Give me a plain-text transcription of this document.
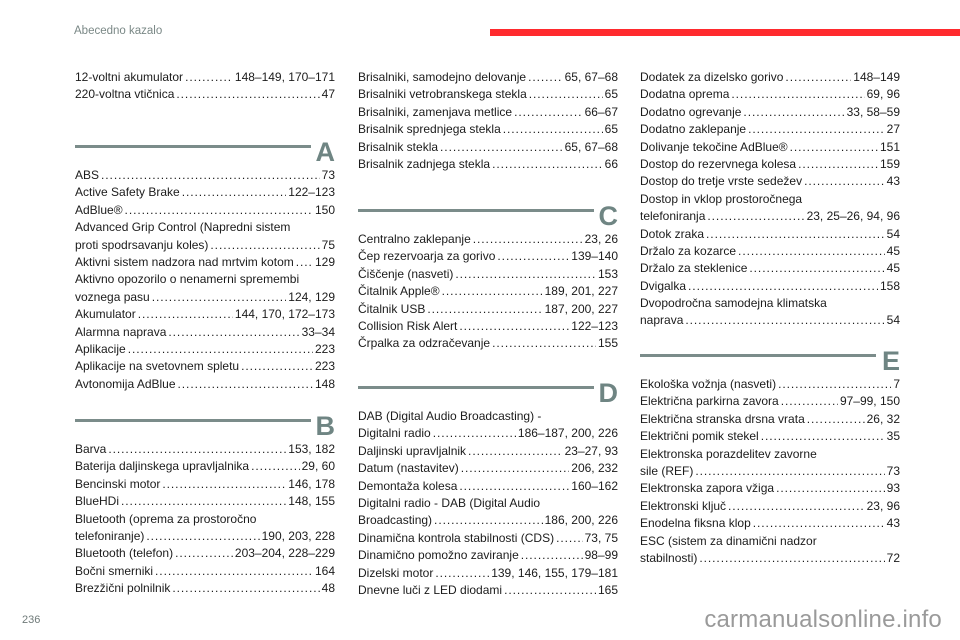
Abecedno kazalo
12-voltni akumulator . . .	148–149, 170–171
220-voltna vtičnica . . .	47
A
ABS . . .	73
Active Safety Brake . . .	122–123
AdBlue® . . .	150
Advanced Grip Control (Napredni sistem
proti spodrsavanju koles) . . .	75
Aktivni sistem nadzora nad mrtvim kotom . . . 129
Aktivno opozorilo o nenamerni spremembi
voznega pasu . . .	124, 129
Akumulator . . .	144, 170, 172–173
Alarmna naprava . . .	33–34
Aplikacije . . .	223
Aplikacije na svetovnem spletu . . .	223
Avtonomija AdBlue . . .	148
B
Barva . . .	153, 182
Baterija daljinskega upravljalnika . . .	29, 60
Bencinski motor . . .	146, 178
BlueHDi . . .	148, 155
Bluetooth (oprema za prostoročno
telefoniranje) . . .	190, 203, 228
Bluetooth (telefon) . . .	203–204, 228–229
Bočni smerniki . . .	164
Brezžični polnilnik . . .	48
Brisalniki, samodejno delovanje . . .	65, 67–68
Brisalniki vetrobranskega stekla . . .	65
Brisalniki, zamenjava metlice . . .	66–67
Brisalnik sprednjega stekla . . .	65
Brisalnik stekla . . .	65, 67–68
Brisalnik zadnjega stekla . . .	66
C
Centralno zaklepanje . . .	23, 26
Čep rezervoarja za gorivo . . .	139–140
Čiščenje (nasveti) . . .	153
Čitalnik Apple® . . .	189, 201, 227
Čitalnik USB . . .	187, 200, 227
Collision Risk Alert . . .	122–123
Črpalka za odzračevanje . . .	155
D
DAB (Digital Audio Broadcasting) -
Digitalni radio . . .	186–187, 200, 226
Daljinski upravljalnik . . .	23–27, 93
Datum (nastavitev) . . .	206, 232
Demontaža kolesa . . .	160–162
Digitalni radio - DAB (Digital Audio
Broadcasting) . . .	186, 200, 226
Dinamična kontrola stabilnosti (CDS) . . .	73, 75
Dinamično pomožno zaviranje . . .	98–99
Dizelski motor . . .	139, 146, 155, 179–181
Dnevne luči z LED diodami . . .	165
Dodatek za dizelsko gorivo . . .	148–149
Dodatna oprema . . .	69, 96
Dodatno ogrevanje . . .	33, 58–59
Dodatno zaklepanje . . .	27
Dolivanje tekočine AdBlue® . . .	151
Dostop do rezervnega kolesa . . .	159
Dostop do tretje vrste sedežev . . .	43
Dostop in vklop prostoročnega
telefoniranja . . .	23, 25–26, 94, 96
Dotok zraka . . .	54
Držalo za kozarce . . .	45
Držalo za steklenice . . .	45
Dvigalka . . .	158
Dvopodročna samodejna klimatska
naprava . . .	54
E
Ekološka vožnja (nasveti) . . .	7
Električna parkirna zavora . . .	97–99, 150
Električna stranska drsna vrata . . .	26, 32
Električni pomik stekel . . .	35
Elektronska porazdelitev zavorne
sile (REF) . . .	73
Elektronska zapora vžiga . . .	93
Elektronski ključ . . .	23, 96
Enodelna fiksna klop . . .	43
ESC (sistem za dinamični nadzor
stabilnosti) . . .	72
236	carmanualsonline.info
